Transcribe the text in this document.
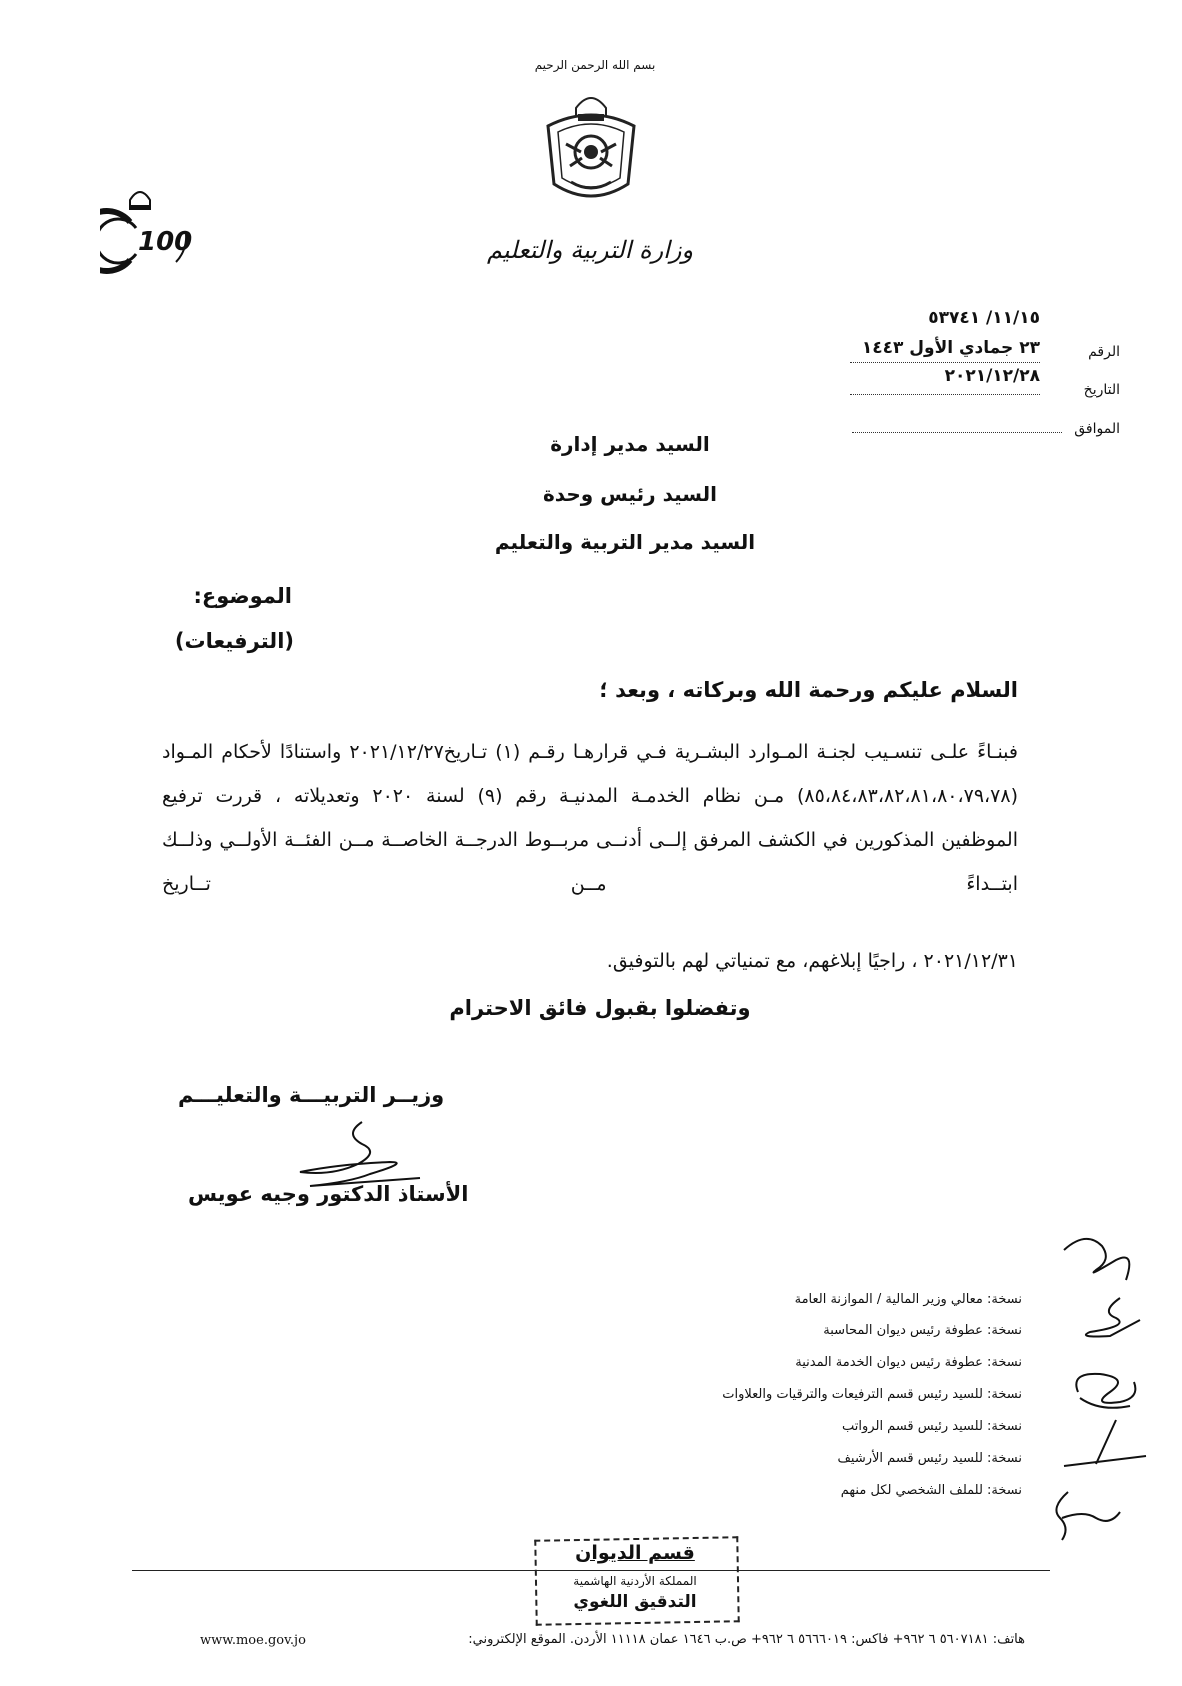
بسم الله الرحمن الرحيم
100	وزارة التربية والتعليم
١١/١٥/ ٥٣٧٤١
الرقم
٢٣ جمادي الأول ١٤٤٣
٢٠٢١/١٢/٢٨
التاريخ
الموافق
السيد مدير إدارة
السيد رئيس وحدة
السيد مدير التربية والتعليم
الموضوع:
(الترفيعات)
السلام عليكم ورحمة الله وبركاته ، وبعد ؛
فبنـاءً علـى تنسـيب لجنـة المـوارد البشـرية فـي قرارهـا رقـم (١) تـاريخ٢٠٢١/١٢/٢٧ واستنادًا لأحكام المـواد (٨٥،٨٤،٨٣،٨٢،٨١،٨٠،٧٩،٧٨) مـن نظام الخدمـة المدنيـة رقم (٩) لسنة ٢٠٢٠ وتعديلاته ، قررت ترفيع الموظفين المذكورين في الكشف المرفق إلــى أدنــى مربــوط الدرجــة الخاصــة مــن الفئــة الأولــي وذلــك ابتــداءً مــن تــاريخ
٢٠٢١/١٢/٣١ ، راجيًا إبلاغهم، مع تمنياتي لهم بالتوفيق.
وتفضلوا بقبول فائق الاحترام
وزيــر التربيـــة والتعليـــم
الأستاذ الدكتور وجيه عويس
نسخة: معالي وزير المالية / الموازنة العامة
نسخة: عطوفة رئيس ديوان المحاسبة
نسخة: عطوفة رئيس ديوان الخدمة المدنية
نسخة: للسيد رئيس قسم الترفيعات والترقيات والعلاوات
نسخة: للسيد رئيس قسم الرواتب
نسخة: للسيد رئيس قسم الأرشيف
نسخة: للملف الشخصي لكل منهم
قسم الديوان
المملكة الأردنية الهاشمية
التدقيق اللغوي
هاتف: ٥٦٠٧١٨١ ٦ ٩٦٢+ فاكس: ٥٦٦٦٠١٩ ٦ ٩٦٢+ ص.ب ١٦٤٦ عمان ١١١١٨ الأردن. الموقع الإلكتروني:
www.moe.gov.jo
